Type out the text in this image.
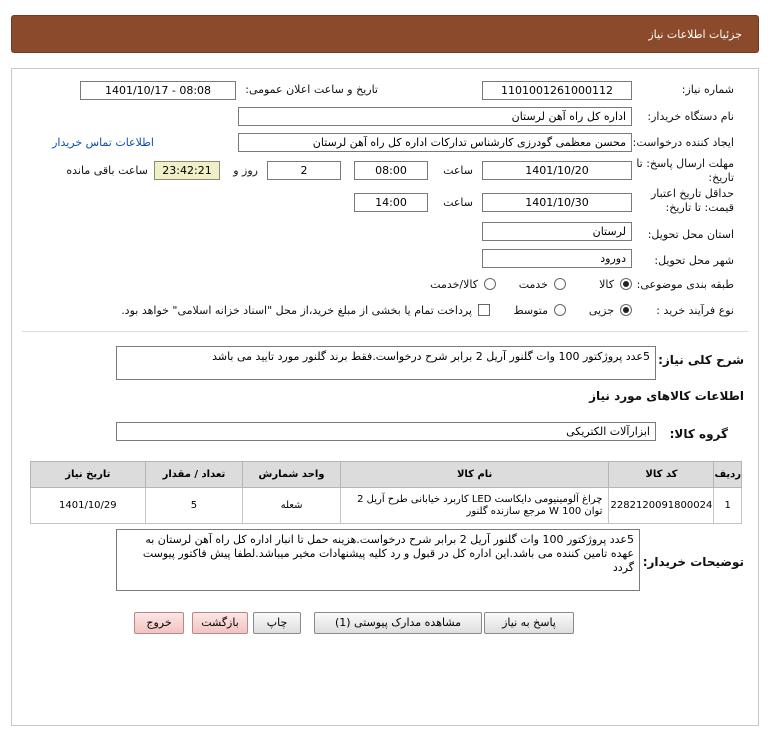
جزئیات اطلاعات نیاز
شماره نیاز:
1101001261000112
تاریخ و ساعت اعلان عمومی:
1401/10/17 - 08:08
نام دستگاه خریدار:
اداره کل راه آهن لرستان
ایجاد کننده درخواست:
محسن معظمی گودرزی کارشناس تدارکات اداره کل راه آهن لرستان
اطلاعات تماس خریدار
مهلت ارسال پاسخ: تا
تاریخ:
1401/10/20
ساعت
08:00
2
روز و
23:42:21
ساعت باقی مانده
حداقل تاریخ اعتبار
قیمت: تا تاریخ:
1401/10/30
ساعت
14:00
استان محل تحویل:
لرستان
شهر محل تحویل:
دورود
طبقه بندی موضوعی:
کالا
خدمت
کالا/خدمت
نوع فرآیند خرید :
جزیی
متوسط
پرداخت تمام یا بخشی از مبلغ خرید،از محل "اسناد خزانه اسلامی" خواهد بود.
شرح کلی نیاز:
5عدد پروژکتور 100 وات گلنور آریل 2 برابر شرح درخواست.فقط برند گلنور مورد تایید می باشد
اطلاعات کالاهای مورد نیاز
گروه کالا:
ابزارآلات الکتریکی
ردیف	کد کالا	نام کالا	واحد شمارش	تعداد / مقدار	تاریخ نیاز
1	2282120091800024	چراغ آلومینیومی دایکاست LED کاربرد خیابانی طرح آریل 2
توان W 100 مرجع سازنده گلنور	شعله	5	1401/10/29
توضیحات خریدار:
5عدد پروژکتور 100 وات گلنور آریل 2 برابر شرح درخواست.هزینه حمل تا انبار اداره کل راه آهن لرستان به عهده تامین کننده می باشد.این اداره کل در قبول و رد کلیه پیشنهادات مخیر میباشد.لطفا پیش فاکتور پیوست گردد
پاسخ به نیاز
مشاهده مدارک پیوستی (1)
چاپ
بازگشت
خروج
